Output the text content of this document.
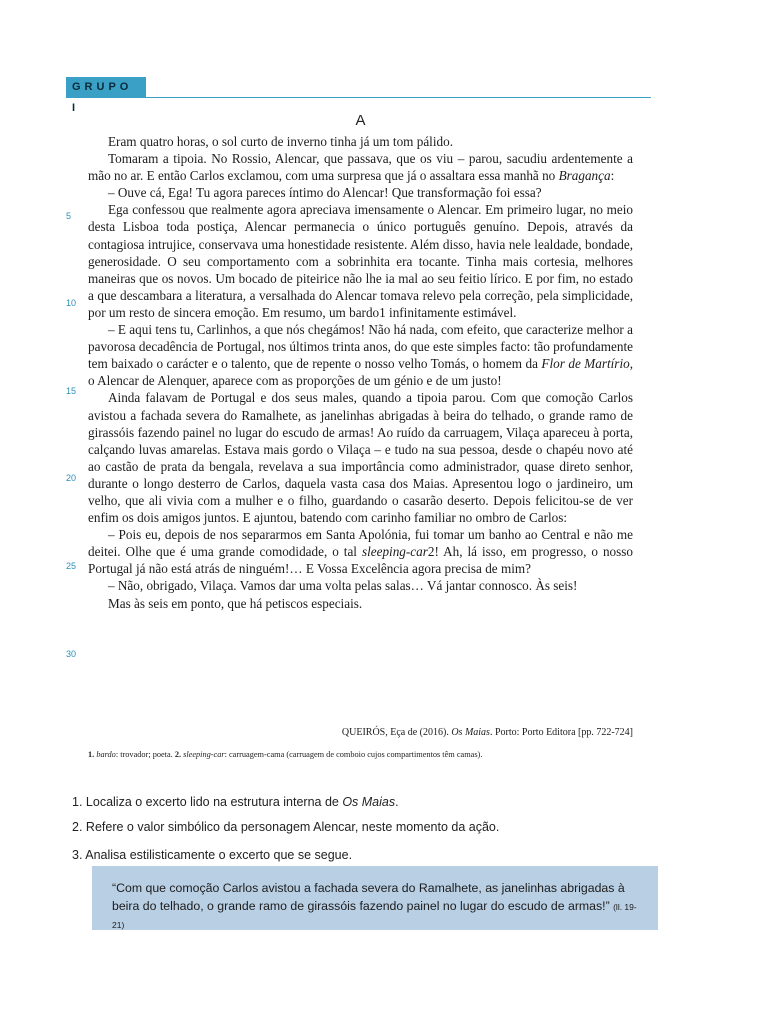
GRUPO I
A
5
10
15
20
25
30

Eram quatro horas, o sol curto de inverno tinha já um tom pálido.

Tomaram a tipoia. No Rossio, Alencar, que passava, que os viu – parou, sacudiu ardentemente a mão no ar. E então Carlos exclamou, com uma surpresa que já o assaltara essa manhã no Bragança:

– Ouve cá, Ega! Tu agora pareces íntimo do Alencar! Que transformação foi essa?

Ega confessou que realmente agora apreciava imensamente o Alencar. Em primeiro lugar, no meio desta Lisboa toda postiça, Alencar permanecia o único português genuíno. Depois, através da contagiosa intrujice, conservava uma honestidade resistente. Além disso, havia nele lealdade, bondade, generosidade. O seu comportamento com a sobrinhita era tocante. Tinha mais cortesia, melhores maneiras que os novos. Um bocado de piteirice não lhe ia mal ao seu feitio lírico. E por fim, no estado a que descambara a literatura, a versalhada do Alencar tomava relevo pela correção, pela simplicidade, por um resto de sincera emoção. Em resumo, um bardo1 infinitamente estimável.

– E aqui tens tu, Carlinhos, a que nós chegámos! Não há nada, com efeito, que caracterize melhor a pavorosa decadência de Portugal, nos últimos trinta anos, do que este simples facto: tão profundamente tem baixado o carácter e o talento, que de repente o nosso velho Tomás, o homem da Flor de Martírio, o Alencar de Alenquer, aparece com as proporções de um génio e de um justo!

Ainda falavam de Portugal e dos seus males, quando a tipoia parou. Com que comoção Carlos avistou a fachada severa do Ramalhete, as janelinhas abrigadas à beira do telhado, o grande ramo de girassóis fazendo painel no lugar do escudo de armas! Ao ruído da carruagem, Vilaça apareceu à porta, calçando luvas amarelas. Estava mais gordo o Vilaça – e tudo na sua pessoa, desde o chapéu novo até ao castão de prata da bengala, revelava a sua importância como administrador, quase direto senhor, durante o longo desterro de Carlos, daquela vasta casa dos Maias. Apresentou logo o jardineiro, um velho, que ali vivia com a mulher e o filho, guardando o casarão deserto. Depois felicitou-se de ver enfim os dois amigos juntos. E ajuntou, batendo com carinho familiar no ombro de Carlos:

– Pois eu, depois de nos separarmos em Santa Apolónia, fui tomar um banho ao Central e não me deitei. Olhe que é uma grande comodidade, o tal sleeping-car2! Ah, lá isso, em progresso, o nosso Portugal já não está atrás de ninguém!… E Vossa Excelência agora precisa de mim?

– Não, obrigado, Vilaça. Vamos dar uma volta pelas salas… Vá jantar connosco. Às seis!

Mas às seis em ponto, que há petiscos especiais.

QUEIRÓS, Eça de (2016). Os Maias. Porto: Porto Editora [pp. 722-724]
1. bardo: trovador; poeta. 2. sleeping-car: carruagem-cama (carruagem de comboio cujos compartimentos têm camas).
1. Localiza o excerto lido na estrutura interna de Os Maias.
2. Refere o valor simbólico da personagem Alencar, neste momento da ação.
3. Analisa estilisticamente o excerto que se segue.
“Com que comoção Carlos avistou a fachada severa do Ramalhete, as janelinhas abrigadas à beira do telhado, o grande ramo de girassóis fazendo painel no lugar do escudo de armas!” (ll. 19-21)
